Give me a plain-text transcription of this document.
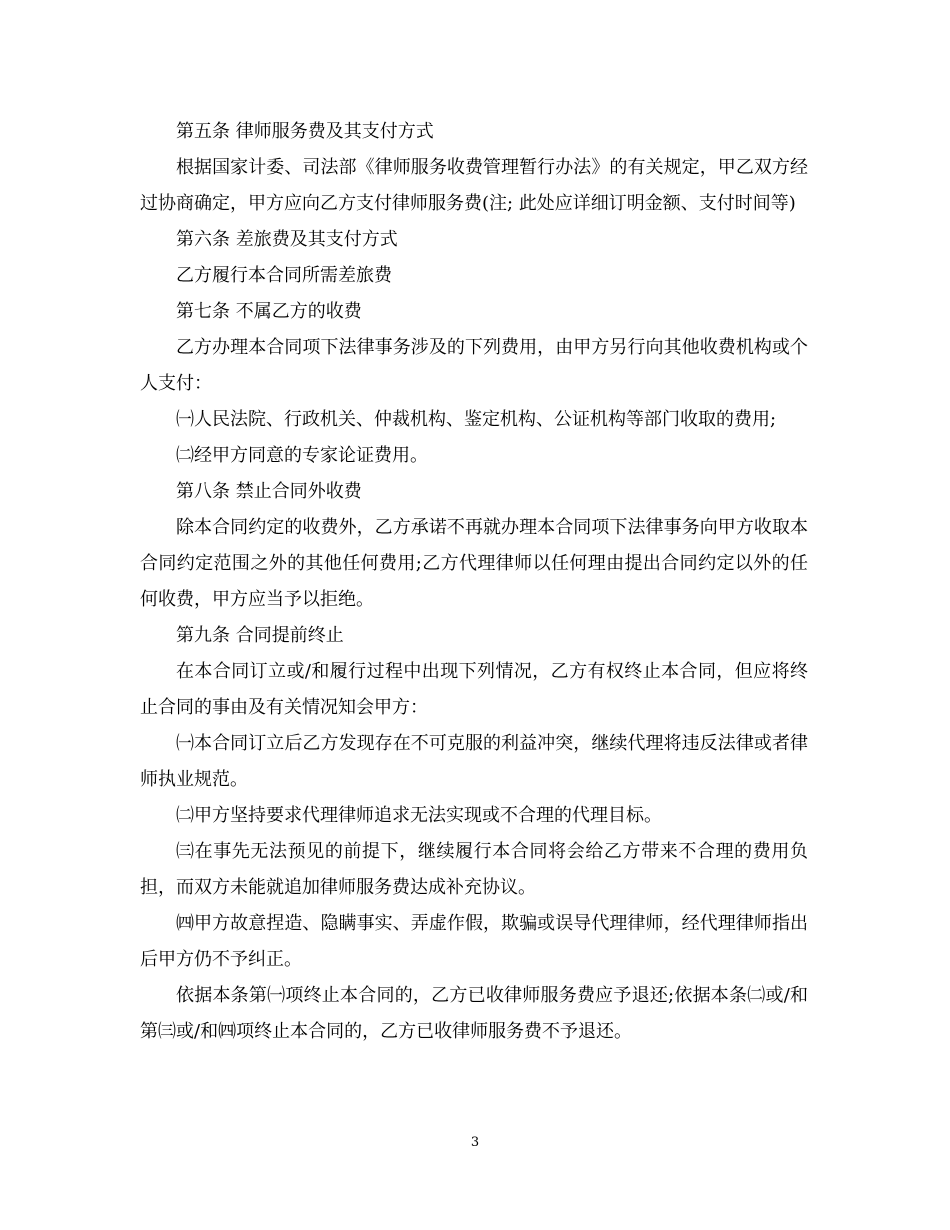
第五条 律师服务费及其支付方式

根据国家计委、司法部《律师服务收费管理暂行办法》的有关规定，甲乙双方经过协商确定，甲方应向乙方支付律师服务费(注; 此处应详细订明金额、支付时间等)

第六条 差旅费及其支付方式

乙方履行本合同所需差旅费

第七条 不属乙方的收费

乙方办理本合同项下法律事务涉及的下列费用，由甲方另行向其他收费机构或个人支付：

㈠人民法院、行政机关、仲裁机构、鉴定机构、公证机构等部门收取的费用;

㈡经甲方同意的专家论证费用。

第八条 禁止合同外收费

除本合同约定的收费外，乙方承诺不再就办理本合同项下法律事务向甲方收取本合同约定范围之外的其他任何费用;乙方代理律师以任何理由提出合同约定以外的任何收费，甲方应当予以拒绝。

第九条 合同提前终止

在本合同订立或/和履行过程中出现下列情况，乙方有权终止本合同，但应将终止合同的事由及有关情况知会甲方：

㈠本合同订立后乙方发现存在不可克服的利益冲突，继续代理将违反法律或者律师执业规范。

㈡甲方坚持要求代理律师追求无法实现或不合理的代理目标。

㈢在事先无法预见的前提下，继续履行本合同将会给乙方带来不合理的费用负担，而双方未能就追加律师服务费达成补充协议。

㈣甲方故意捏造、隐瞒事实、弄虚作假，欺骗或误导代理律师，经代理律师指出后甲方仍不予纠正。

依据本条第㈠项终止本合同的，乙方已收律师服务费应予退还;依据本条㈡或/和第㈢或/和㈣项终止本合同的，乙方已收律师服务费不予退还。

3
